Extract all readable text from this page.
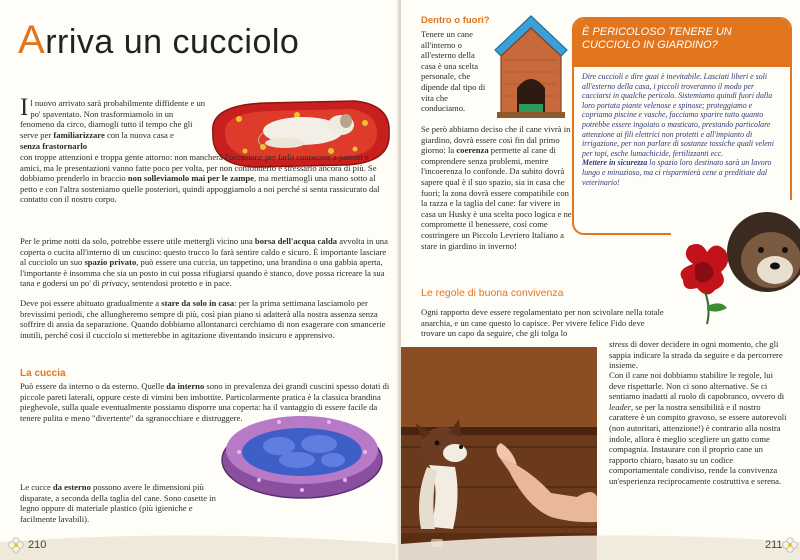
Arriva un cucciolo

Il nuovo arrivato sarà probabilmente diffidente e un po' spaventato. Non trasformiamolo in un fenomeno da circo, diamogli tutto il tempo che gli serve per familiarizzare con la nuova casa e

senza frastornarlo

con troppe attenzioni e troppa gente attorno: non mancherà l'occasione per farlo conoscere a parenti e amici, ma le presentazioni vanno fatte poco per volta, per non confonderlo e stressarlo ancora di più. Se dobbiamo prenderlo in braccio non solleviamolo mai per le zampe, ma mettiamogli una mano sotto al petto e con l'altra sosteniamo quelle posteriori, quindi appoggiamolo a noi perché si senta rassicurato dal contatto con il nostro corpo.

Per le prime notti da solo, potrebbe essere utile mettergli vicino una borsa dell'acqua calda avvolta in una coperta o cucita all'interno di un cuscino: questo trucco lo farà sentire caldo e sicuro. È importante lasciare al cucciolo un suo spazio privato, può essere una cuccia, un tappetino, una brandina o una gabbia aperta, l'importante è insomma che sia un posto in cui possa rifugiarsi quando è stanco, dove possa ricreare la sua tana e godersi un po' di privacy, sentendosi protetto e in pace.

Deve poi essere abituato gradualmente a stare da solo in casa: per la prima settimana lasciamolo per brevissimi periodi, che allungheremo sempre di più, così pian piano si adatterà alla nostra assenza senza soffrire di ansia da separazione. Quando dobbiamo allontanarci cerchiamo di non esagerare con smancerie inutili, perché così il cucciolo si metterebbe in agitazione diventando insicuro e apprensivo.

La cuccia

Può essere da interno o da esterno. Quelle da interno sono in prevalenza dei grandi cuscini spesso dotati di piccole pareti laterali, oppure ceste di vimini ben imbottite. Particolarmente pratica è la classica brandina pieghevole, sulla quale eventualmente possiamo disporre una coperta: ha il vantaggio di essere facile da tenere pulita e meno "divertente" da sgranocchiare e distruggere.

Le cucce da esterno possono avere le dimensioni più disparate, a seconda della taglia del cane. Sono casette in legno oppure di materiale plastico (più igieniche e facilmente lavabili).

210
Dentro o fuori?

Tenere un cane all'interno o all'esterno della casa è una scelta personale, che dipende dal tipo di vita che conduciamo.

Se però abbiamo deciso che il cane vivrà in giardino, dovrà essere così fin dal primo giorno: la coerenza permette al cane di comprendere senza problemi, mentre l'incoerenza lo confonde. Da subito dovrà sapere qual è il suo spazio, sia in casa che fuori; la zona dovrà essere compatibile con la razza e la taglia del cane: far vivere in casa un Husky è una scelta poco logica e ne compromette il benessere, così come costringere un Piccolo Levriero Italiano a stare in giardino in inverno!

È PERICOLOSO TENERE UN CUCCIOLO IN GIARDINO?

Dire cuccioli e dire guai è inevitabile. Lasciati liberi e soli all'esterno della casa, i piccoli troveranno il modo per cacciarsi in qualche pericolo. Sistemiamo quindi fuori dalla loro portata piante velenose e spinose; proteggiamo e copriamo piscine e vasche, facciamo sparire tutto quanto potrebbe essere ingoiato o masticato, prestando particolare attenzione ai fili elettrici non protetti e all'impianto di irrigazione, per non parlare di sostanze tossiche quali veleni per topi, esche lumachicide, fertilizzanti ecc.
Mettere in sicurezza lo spazio loro destinato sarà un lavoro lungo e minuzioso, ma ci risparmierà cene a preditiate dal veterinario!

Le regole di buona convivenza

Ogni rapporto deve essere regolamentato per non scivolare nella totale anarchia, e un cane questo lo capisce. Per vivere felice Fido deve trovare un capo da seguire, che gli tolga lo

stress di dover decidere in ogni momento, che gli sappia indicare la strada da seguire e da percorrere insieme.

Con il cane noi dobbiamo stabilire le regole, lui deve rispettarle. Non ci sono alternative. Se ci sentiamo inadatti al ruolo di capobranco, ovvero di leader, se per la nostra sensibilità e il nostro carattere è un compito gravoso, se essere autorevoli (non autoritari, attenzione!) è contrario alla nostra indole, allora è meglio scegliere un gatto come compagnia. Instaurare con il proprio cane un rapporto chiaro, basato su un codice comportamentale condiviso, rende la convivenza un'esperienza reciprocamente costruttiva e serena.

211
